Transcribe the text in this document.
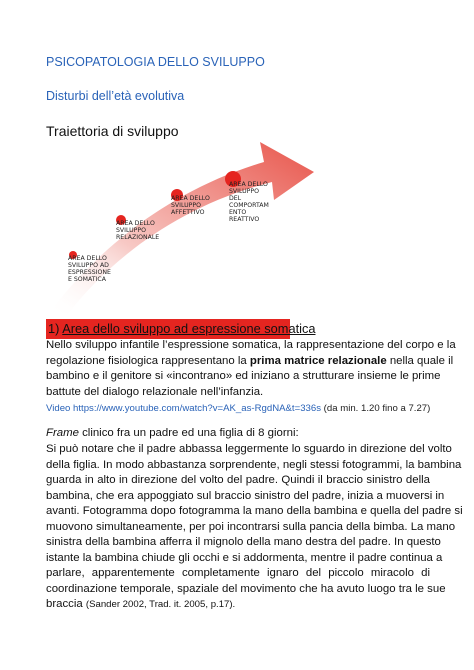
PSICOPATOLOGIA DELLO SVILUPPO
Disturbi dell’età evolutiva
Traiettoria di sviluppo
AREA DELLO SVILUPPO AD ESPRESSIONE E SOMATICA
AREA DELLO SVILUPPO RELAZIONALE
AREA DELLO SVILUPPO AFFETTIVO
AREA DELLO SVILUPPO DEL COMPORTAM ENTO REATTIVO
1) Area dello sviluppo ad espressione somatica
Nello sviluppo infantile l’espressione somatica, la rappresentazione del corpo e la
regolazione fisiologica rappresentano la prima matrice relazionale nella quale il
bambino e il genitore si «incontrano» ed iniziano a strutturare insieme le prime
battute del dialogo relazionale nell’infanzia.
Video https://www.youtube.com/watch?v=AK_as-RgdNA&t=336s (da min. 1.20 fino a 7.27)
Frame clinico fra un padre ed una figlia di 8 giorni:
Si può notare che il padre abbassa leggermente lo sguardo in direzione del volto
della figlia. In modo abbastanza sorprendente, negli stessi fotogrammi, la bambina
guarda in alto in direzione del volto del padre. Quindi il braccio sinistro della
bambina, che era appoggiato sul braccio sinistro del padre, inizia a muoversi in
avanti. Fotogramma dopo fotogramma la mano della bambina e quella del padre si
muovono simultaneamente, per poi incontrarsi sulla pancia della bimba. La mano
sinistra della bambina afferra il mignolo della mano destra del padre. In questo
istante la bambina chiude gli occhi e si addormenta, mentre il padre continua a
parlare, apparentemente completamente ignaro del piccolo miracolo di
coordinazione temporale, spaziale del movimento che ha avuto luogo tra le sue
braccia (Sander 2002, Trad. it. 2005, p.17).
